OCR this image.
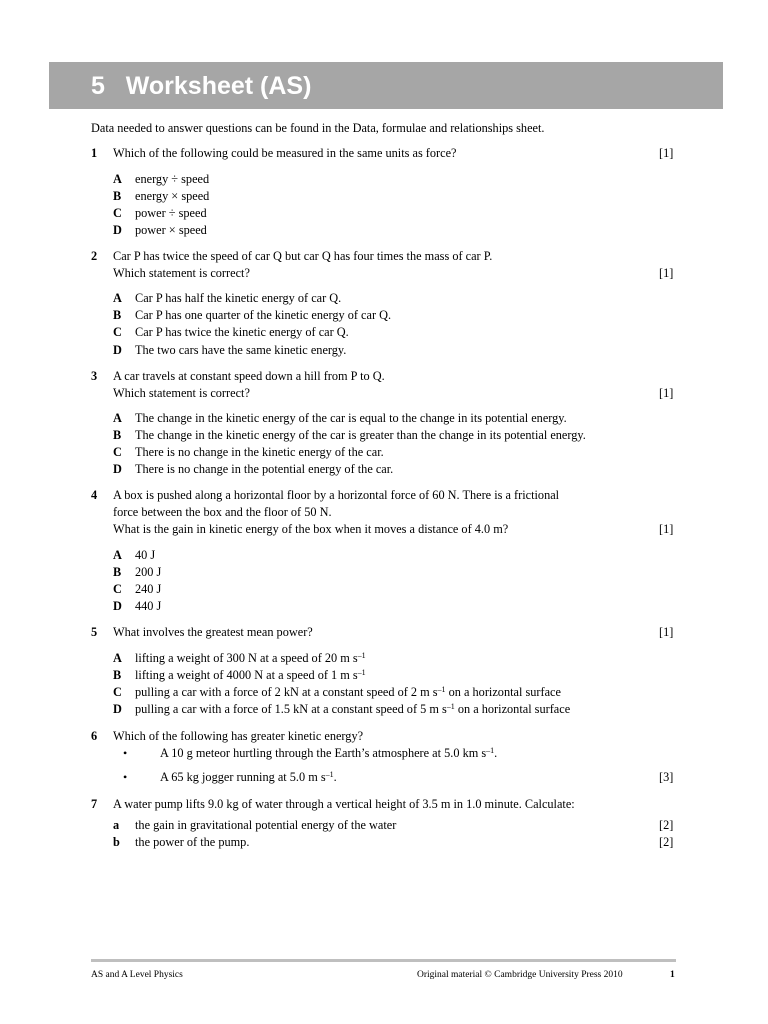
5 Worksheet (AS)
Data needed to answer questions can be found in the Data, formulae and relationships sheet.
1 Which of the following could be measured in the same units as force?	[1]
A energy ÷ speed
B energy × speed
C power ÷ speed
D power × speed
2 Car P has twice the speed of car Q but car Q has four times the mass of car P.
Which statement is correct?	[1]
A Car P has half the kinetic energy of car Q.
B Car P has one quarter of the kinetic energy of car Q.
C Car P has twice the kinetic energy of car Q.
D The two cars have the same kinetic energy.
3 A car travels at constant speed down a hill from P to Q.
Which statement is correct?	[1]
A The change in the kinetic energy of the car is equal to the change in its potential energy.
B The change in the kinetic energy of the car is greater than the change in its potential energy.
C There is no change in the kinetic energy of the car.
D There is no change in the potential energy of the car.
4 A box is pushed along a horizontal floor by a horizontal force of 60 N. There is a frictional
force between the box and the floor of 50 N.
What is the gain in kinetic energy of the box when it moves a distance of 4.0 m?	[1]
A 40 J
B 200 J
C 240 J
D 440 J
5 What involves the greatest mean power?	[1]
A lifting a weight of 300 N at a speed of 20 m $s^{-1}$
B lifting a weight of 4000 N at a speed of 1 m $s^{-1}$
C pulling a car with a force of 2 kN at a constant speed of 2 m $s^{-1}$ on a horizontal surface
D pulling a car with a force of 1.5 kN at a constant speed of 5 m $s^{-1}$ on a horizontal surface
6 Which of the following has greater kinetic energy?
•	A 10 g meteor hurtling through the Earth’s atmosphere at 5.0 km $s^{-1}$.
•	A 65 kg jogger running at 5.0 m $s^{-1}$.	[3]
7 A water pump lifts 9.0 kg of water through a vertical height of 3.5 m in 1.0 minute. Calculate:
a the gain in gravitational potential energy of the water	[2]
b the power of the pump.	[2]
AS and A Level Physics	Original material © Cambridge University Press 2010	1
